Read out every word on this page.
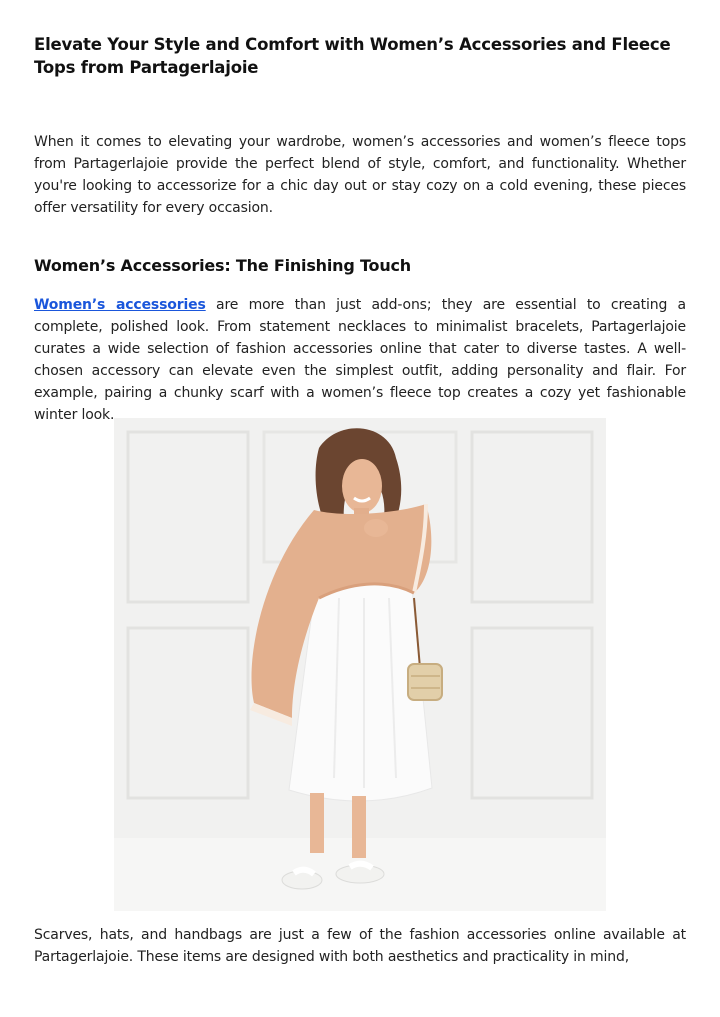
Elevate Your Style and Comfort with Women’s Accessories and Fleece Tops from Partagerlajoie

When it comes to elevating your wardrobe, women’s accessories and women’s fleece tops from Partagerlajoie provide the perfect blend of style, comfort, and functionality. Whether you're looking to accessorize for a chic day out or stay cozy on a cold evening, these pieces offer versatility for every occasion.

Women’s Accessories: The Finishing Touch

Women’s accessories are more than just add-ons; they are essential to creating a complete, polished look. From statement necklaces to minimalist bracelets, Partagerlajoie curates a wide selection of fashion accessories online that cater to diverse tastes. A well-chosen accessory can elevate even the simplest outfit, adding personality and flair. For example, pairing a chunky scarf with a women’s fleece top creates a cozy yet fashionable winter look.

Scarves, hats, and handbags are just a few of the fashion accessories online available at Partagerlajoie. These items are designed with both aesthetics and practicality in mind,
